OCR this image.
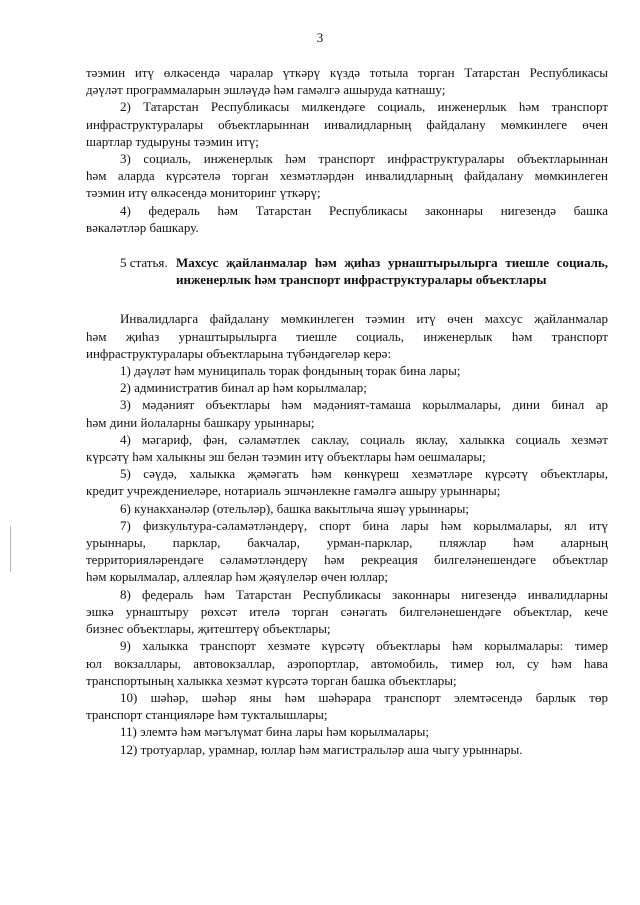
3

тәэмин итү өлкәсендә чаралар үткәрү күздә тотыла торган Татарстан Республикасы

дәүләт программаларын эшләүдә һәм гамәлгә ашыруда катнашу;

2) Татарстан Республикасы милкендәге социаль, инженерлык һәм транспорт

инфраструктуралары объектларыннан инвалидларның файдалану мөмкинлеге өчен

шартлар тудыруны тәэмин итү;

3) социаль, инженерлык һәм транспорт инфраструктуралары объектларыннан

һәм аларда күрсәтелә торган хезмәтләрдән инвалидларның файдалану мөмкинлеген

тәэмин итү өлкәсендә мониторинг үткәрү;

4) федераль һәм Татарстан Республикасы законнары нигезендә башка

вәкаләтләр башкару.

5 статья. Махсус җайланмалар һәм җиһаз урнаштырылырга тиешле социаль, инженерлык һәм транспорт инфраструктуралары объектлары

Инвалидларга файдалану мөмкинлеген тәэмин итү өчен махсус җайланмалар

һәм җиһаз урнаштырылырга тиешле социаль, инженерлык һәм транспорт

инфраструктуралары объектларына түбәндәгеләр керә:

1) дәүләт һәм муниципаль торак фондының торак бина лары;

2) административ бинал ар һәм корылмалар;

3) мәдәният объектлары һәм мәдәният-тамаша корылмалары, дини бинал ар

һәм дини йолаларны башкару урыннары;

4) мәгариф, фән, сәламәтлек саклау, социаль яклау, халыкка социаль хезмәт

күрсәтү һәм халыкны эш белән тәэмин итү объектлары һәм оешмалары;

5) сәүдә, халыкка җәмәгать һәм көнкүреш хезмәтләре күрсәтү объектлары,

кредит учреждениеләре, нотариаль эшчәнлекне гамәлгә ашыру урыннары;

6) кунакханәләр (отельләр), башка вакытлыча яшәү урыннары;

7) физкультура-сәламәтләндерү, спорт бина лары һәм корылмалары, ял итү

урыннары, парклар, бакчалар, урман-парклар, пляжлар һәм аларның

территорияләрендәге сәламәтләндерү һәм рекреация билгеләнешендәге объектлар

һәм корылмалар, аллеялар һәм җәяүлеләр өчен юллар;

8) федераль һәм Татарстан Республикасы законнары нигезендә инвалидларны

эшкә урнаштыру рөхсәт ителә торган сәнәгать билгеләнешендәге объектлар, кече

бизнес объектлары, җитештерү объектлары;

9) халыкка транспорт хезмәте күрсәтү объектлары һәм корылмалары: тимер

юл вокзаллары, автовокзаллар, аэропортлар, автомобиль, тимер юл, су һәм һава

транспортының халыкка хезмәт күрсәтә торган башка объектлары;

10) шәһәр, шәһәр яны һәм шәһәрара транспорт элемтәсендә барлык төр

транспорт станцияләре һәм тукталышлары;

11) элемтә һәм мәгълүмат бина лары һәм корылмалары;

12) тротуарлар, урамнар, юллар һәм магистральләр аша чыгу урыннары.
